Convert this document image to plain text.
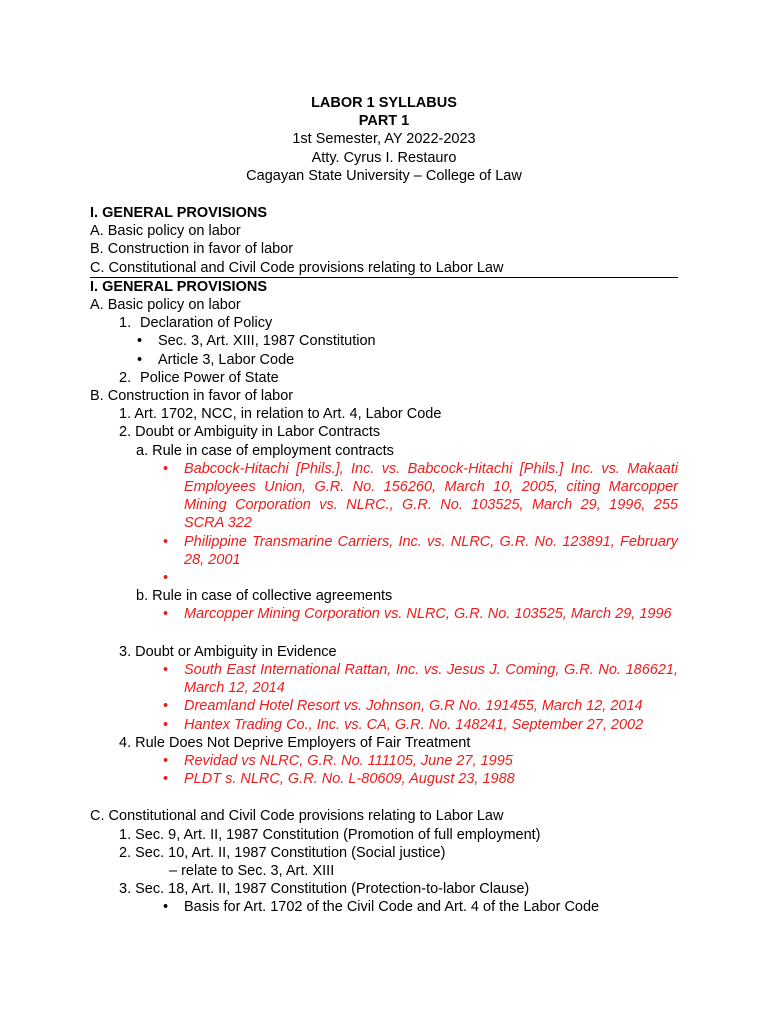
LABOR 1 SYLLABUS
PART 1
1st Semester, AY 2022-2023
Atty. Cyrus I. Restauro
Cagayan State University – College of Law
I. GENERAL PROVISIONS
A. Basic policy on labor
B. Construction in favor of labor
C. Constitutional and Civil Code provisions relating to Labor Law
I. GENERAL PROVISIONS
A. Basic policy on labor
1. Declaration of Policy
• Sec. 3, Art. XIII, 1987 Constitution
• Article 3, Labor Code
2. Police Power of State
B. Construction in favor of labor
1. Art. 1702, NCC, in relation to Art. 4, Labor Code
2. Doubt or Ambiguity in Labor Contracts
a. Rule in case of employment contracts
• Babcock-Hitachi [Phils.], Inc. vs. Babcock-Hitachi [Phils.] Inc. vs. Makaati Employees Union, G.R. No. 156260, March 10, 2005, citing Marcopper Mining Corporation vs. NLRC., G.R. No. 103525, March 29, 1996, 255 SCRA 322
• Philippine Transmarine Carriers, Inc. vs. NLRC, G.R. No. 123891, February 28, 2001
•
b. Rule in case of collective agreements
• Marcopper Mining Corporation vs. NLRC, G.R. No. 103525, March 29, 1996
3. Doubt or Ambiguity in Evidence
• South East International Rattan, Inc. vs. Jesus J. Coming, G.R. No. 186621, March 12, 2014
• Dreamland Hotel Resort vs. Johnson, G.R No. 191455, March 12, 2014
• Hantex Trading Co., Inc. vs. CA, G.R. No. 148241, September 27, 2002
4. Rule Does Not Deprive Employers of Fair Treatment
• Revidad vs NLRC, G.R. No. 111105, June 27, 1995
• PLDT s. NLRC, G.R. No. L-80609, August 23, 1988
C. Constitutional and Civil Code provisions relating to Labor Law
1. Sec. 9, Art. II, 1987 Constitution (Promotion of full employment)
2. Sec. 10, Art. II, 1987 Constitution (Social justice)
– relate to Sec. 3, Art. XIII
3. Sec. 18, Art. II, 1987 Constitution (Protection-to-labor Clause)
• Basis for Art. 1702 of the Civil Code and Art. 4 of the Labor Code
